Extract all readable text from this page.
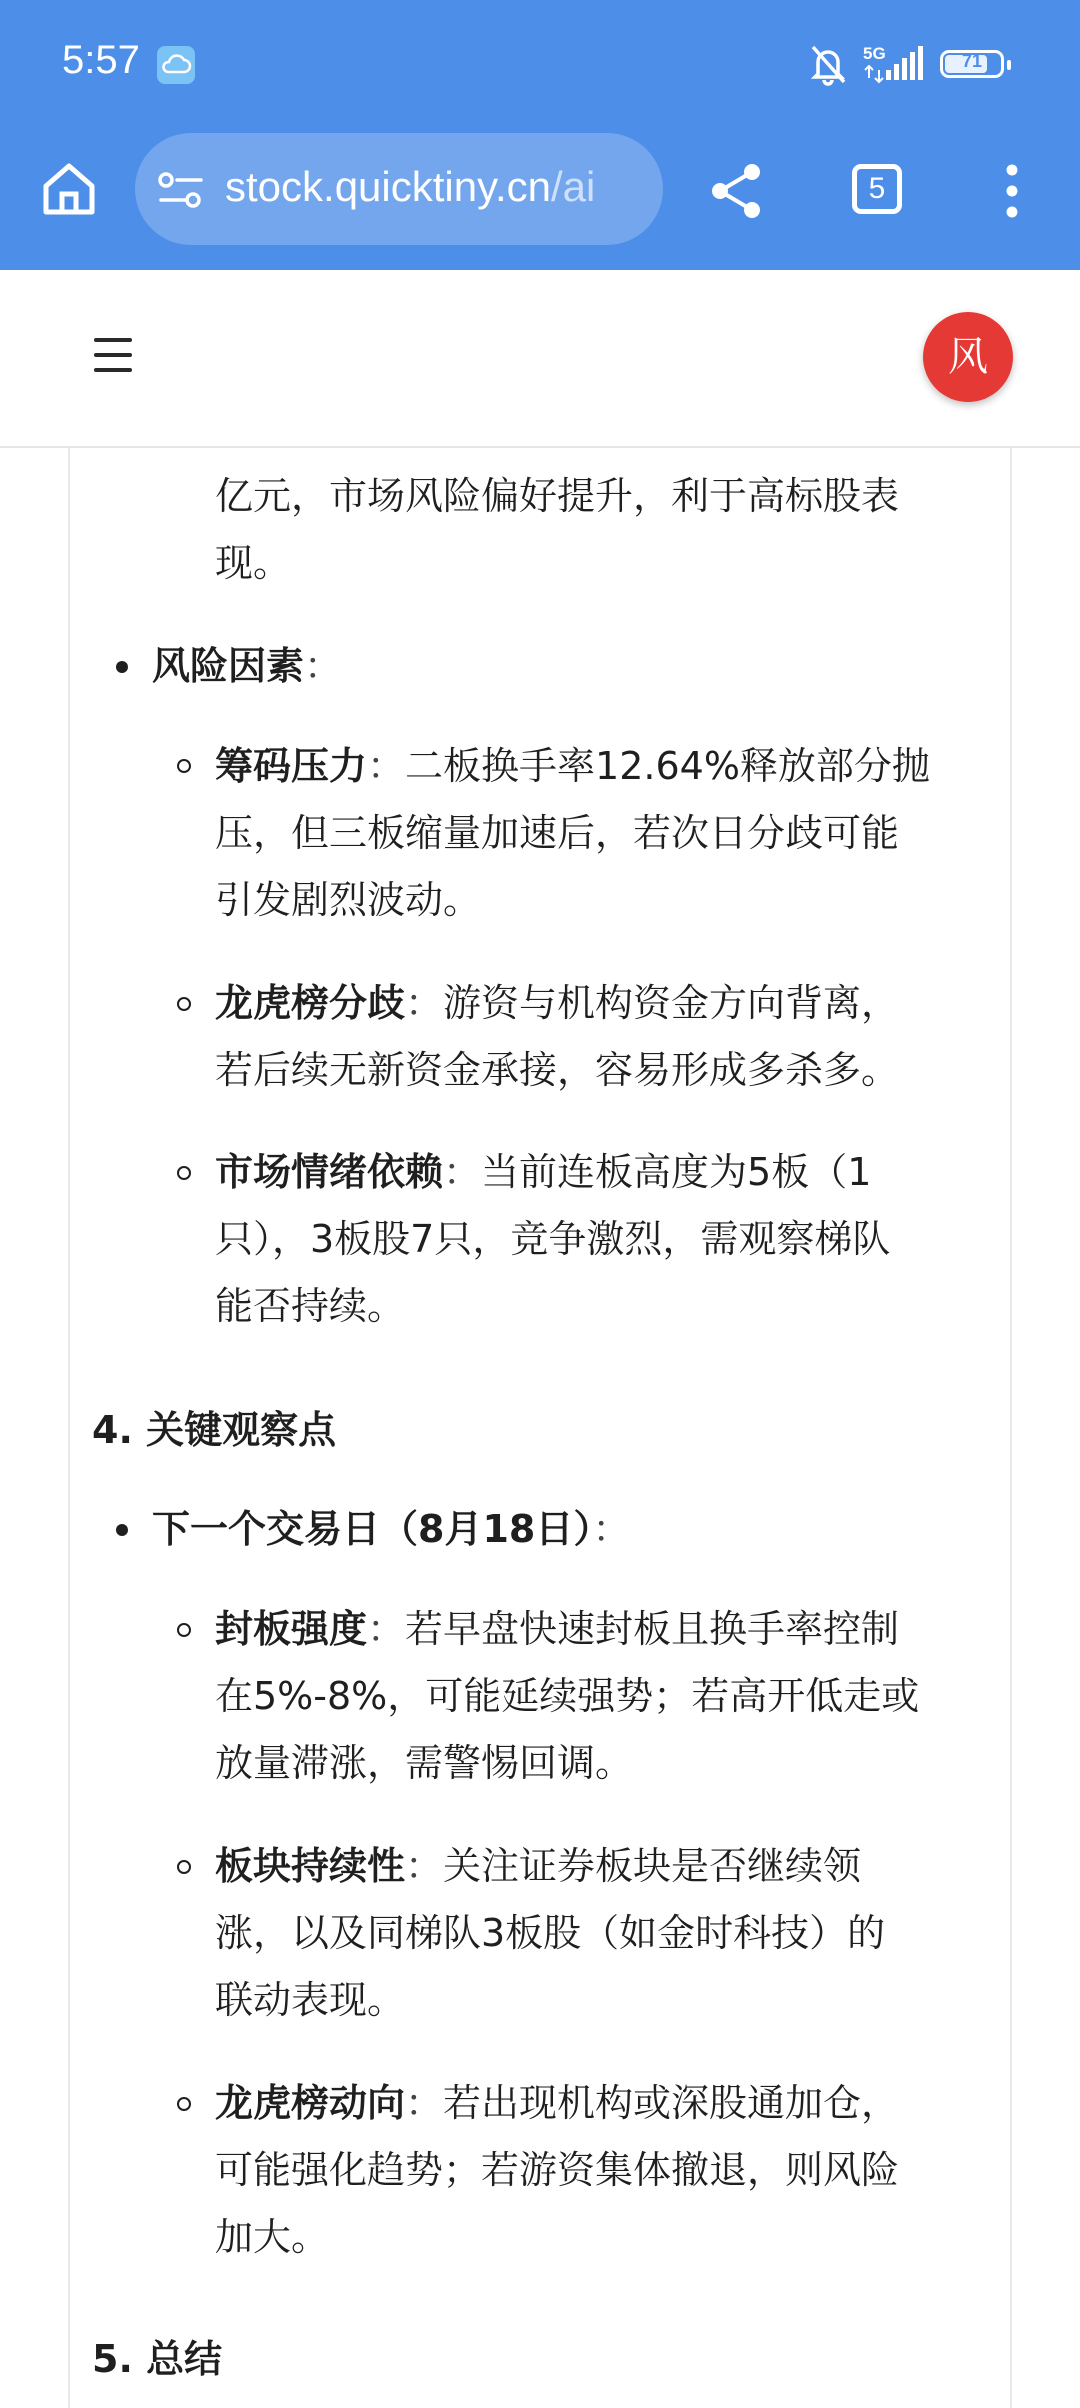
5:57	5G	71
stock.quicktiny.cn/ai	5
风
亿元，市场风险偏好提升，利于高标股表
现。
风险因素：
筹码压力：二板换手率12.64%释放部分抛
压，但三板缩量加速后，若次日分歧可能
引发剧烈波动。
龙虎榜分歧：游资与机构资金方向背离，
若后续无新资金承接，容易形成多杀多。
市场情绪依赖：当前连板高度为5板（1
只），3板股7只，竞争激烈，需观察梯队
能否持续。
4. 关键观察点
下一个交易日（8月18日）：
封板强度：若早盘快速封板且换手率控制
在5%-8%，可能延续强势；若高开低走或
放量滞涨，需警惕回调。
板块持续性：关注证券板块是否继续领
涨，以及同梯队3板股（如金时科技）的
联动表现。
龙虎榜动向：若出现机构或深股通加仓，
可能强化趋势；若游资集体撤退，则风险
加大。
5. 总结
